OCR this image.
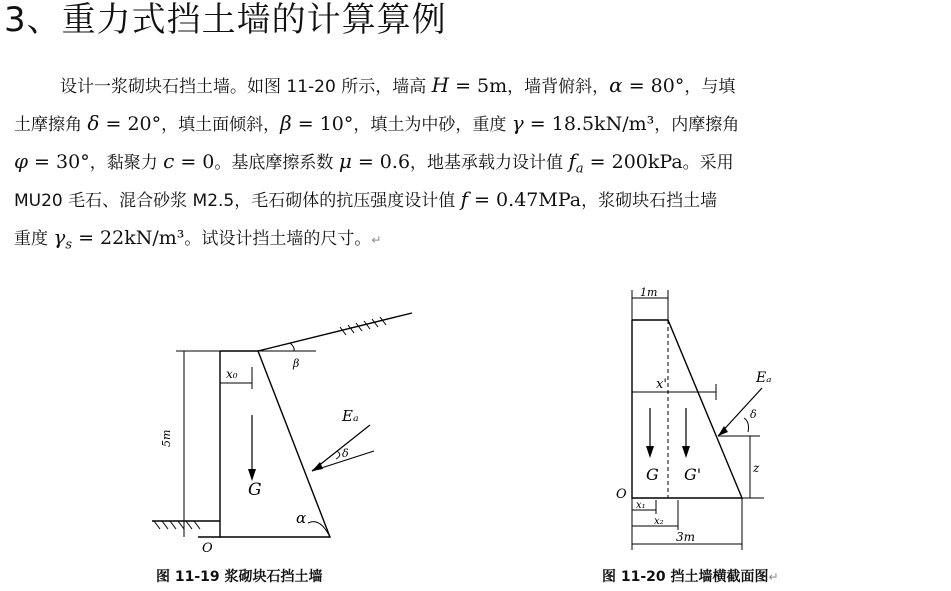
3、重力式挡土墙的计算算例
设计一浆砌块石挡土墙。如图 11-20 所示，墙高 H = 5m，墙背俯斜，α = 80°，与填
土摩擦角 δ = 20°，填土面倾斜，β = 10°，填土为中砂，重度 γ = 18.5kN/m³，内摩擦角
φ = 30°，黏聚力 c = 0。基底摩擦系数 μ = 0.6，地基承载力设计值 $f_a = 200kPa$。采用
MU20 毛石、混合砂浆 M2.5，毛石砌体的抗压强度设计值 f = 0.47MPa，浆砌块石挡土墙
重度 $\gamma_s = 22kN/m^3$。试设计挡土墙的尺寸。↵
5m
β
x₀
Eₐ
δ
G
α
O
图 11-19 浆砌块石挡土墙
1m
x'	Eₐ
δ
G G'	z
O
x₁
x₂
3m
图 11-20 挡土墙横截面图↵
